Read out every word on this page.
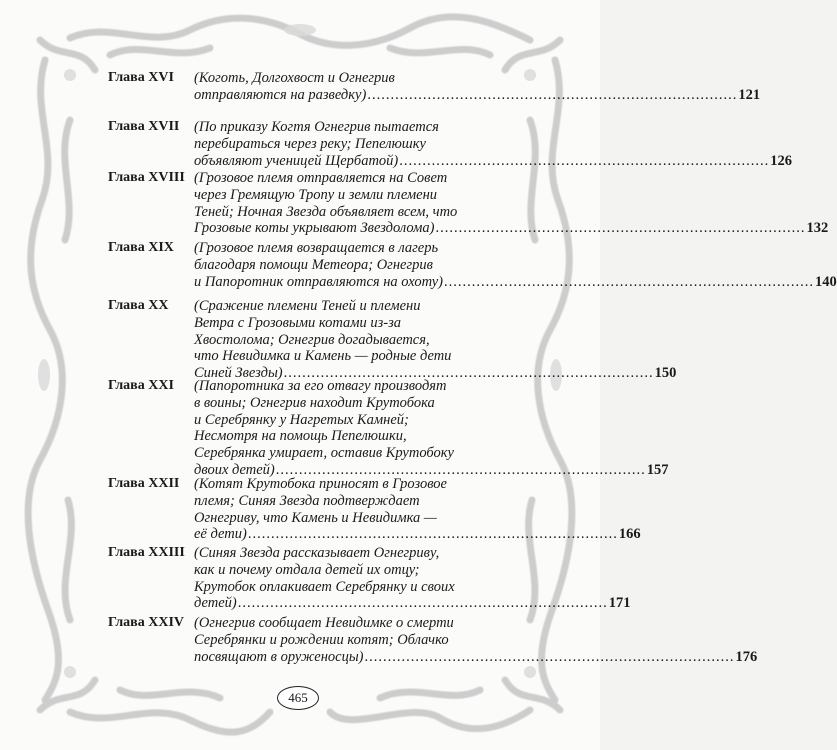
Глава XVI	(Коготь, Долгохвост и Огнегрив
отправляются на разведку) ................................................................................ 121
Глава XVII	(По приказу Когтя Огнегрив пытается
перебираться через реку; Пепелюшку
объявляют ученицей Щербатой) ................................................................................ 126
Глава XVIII (Грозовое племя отправляется на Совет
через Гремящую Тропу и земли племени
Теней; Ночная Звезда объявляет всем, что
Грозовые коты укрывают Звездолома) ................................................................................ 132
Глава XIX	(Грозовое племя возвращается в лагерь
благодаря помощи Метеора; Огнегрив
и Папоротник отправляются на охоту) ................................................................................ 140
Глава XX	(Сражение племени Теней и племени
Ветра с Грозовыми котами из-за
Хвостолома; Огнегрив догадывается,
что Невидимка и Камень — родные дети
Синей Звезды) ................................................................................ 150
Глава XXI	(Папоротника за его отвагу производят
в воины; Огнегрив находит Крутобока
и Серебрянку у Нагретых Камней;
Несмотря на помощь Пепелюшки,
Серебрянка умирает, оставив Крутобоку
двоих детей) ................................................................................ 157
Глава XXII	(Котят Крутобока приносят в Грозовое
племя; Синяя Звезда подтверждает
Огнегриву, что Камень и Невидимка —
её дети) ................................................................................ 166
Глава XXIII (Синяя Звезда рассказывает Огнегриву,
как и почему отдала детей их отцу;
Крутобок оплакивает Серебрянку и своих
детей) ................................................................................ 171
Глава XXIV (Огнегрив сообщает Невидимке о смерти
Серебрянки и рождении котят; Облачко
посвящают в оруженосцы) ................................................................................ 176
465
